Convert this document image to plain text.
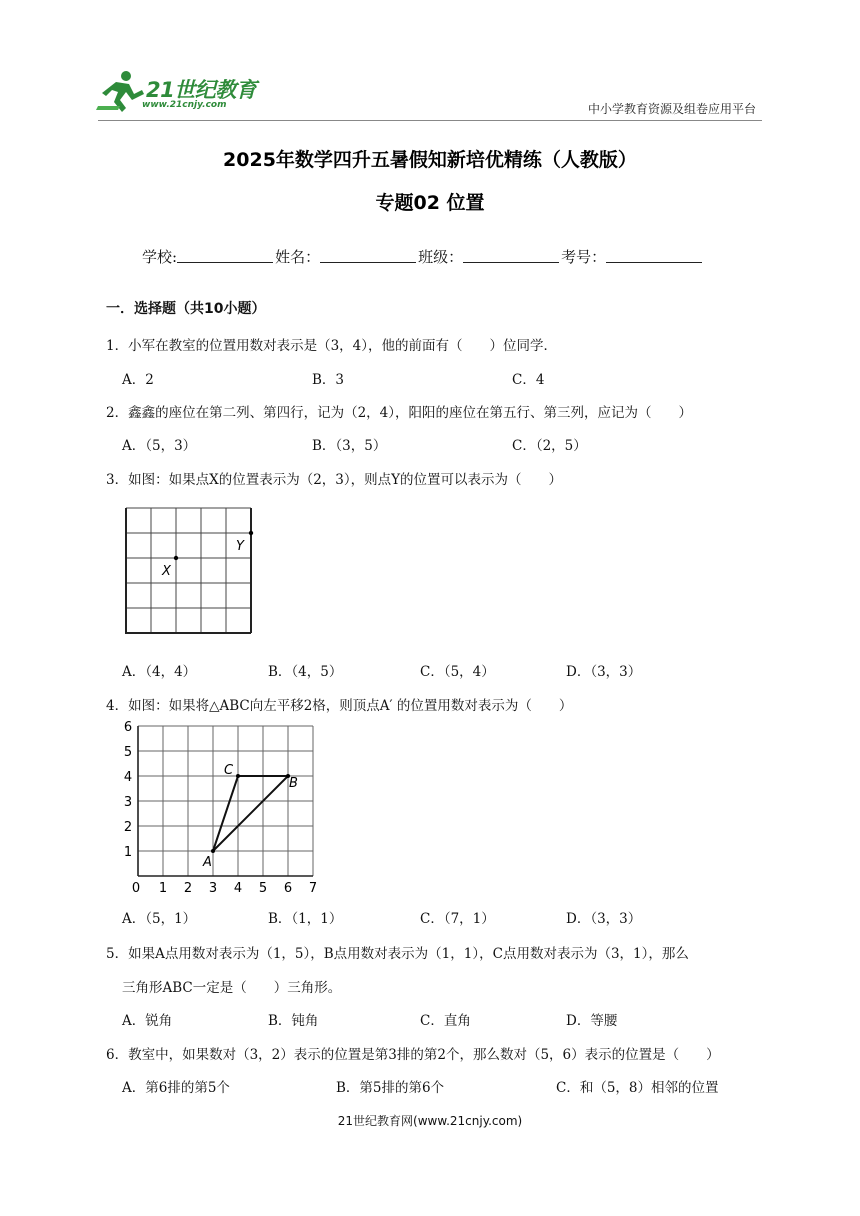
21世纪教育
www.21cnjy.com	中小学教育资源及组卷应用平台
2025年数学四升五暑假知新培优精练（人教版）
专题02 位置
学校:	姓名：	班级：	考号：
一．选择题（共10小题）
1．小军在教室的位置用数对表示是（3，4），他的前面有（　　）位同学．
A．2	B．3	C．4
2．鑫鑫的座位在第二列、第四行，记为（2，4），阳阳的座位在第五行、第三列，应记为（　　）
A．（5，3）	B．（3，5）	C．（2，5）
3．如图：如果点X的位置表示为（2，3），则点Y的位置可以表示为（　　）
X
Y
A．（4，4）	B．（4，5）	C．（5，4）	D．（3，3）
4．如图：如果将△ABC向左平移2格，则顶点A′ 的位置用数对表示为（　　）
A
B
C
0 1 2 3 4 5 6 7
1
2
3
4
5
6
A．（5，1）	B．（1，1）	C．（7，1）	D．（3，3）
5．如果A点用数对表示为（1，5），B点用数对表示为（1，1），C点用数对表示为（3，1），那么
三角形ABC一定是（　　）三角形。
A．锐角	B．钝角	C．直角	D．等腰
6．教室中，如果数对（3，2）表示的位置是第3排的第2个，那么数对（5，6）表示的位置是（　　）
A．第6排的第5个	B．第5排的第6个	C．和（5，8）相邻的位置
21世纪教育网(www.21cnjy.com)
